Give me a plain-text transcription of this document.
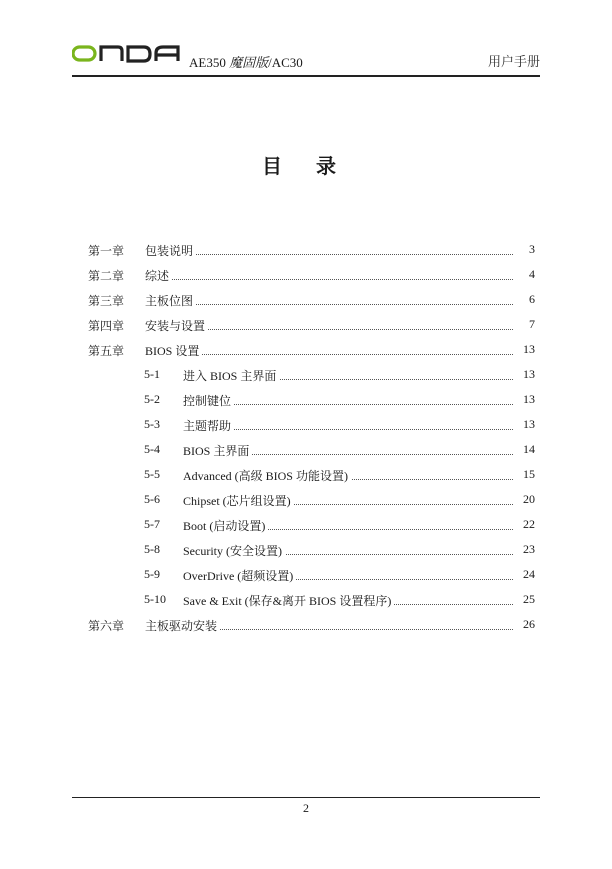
AE350 魔固版/AC30	用户手册
目录
第一章	包装说明	3
第二章	综述	4
第三章	主板位图	6
第四章	安装与设置	7
第五章	BIOS 设置	13
5-1	进入 BIOS 主界面	13
5-2	控制键位	13
5-3	主题帮助	13
5-4	BIOS 主界面	14
5-5	Advanced (高级 BIOS 功能设置)	15
5-6	Chipset (芯片组设置)	20
5-7	Boot (启动设置)	22
5-8	Security (安全设置)	23
5-9	OverDrive (超频设置)	24
5-10	Save & Exit (保存&离开 BIOS 设置程序)	25
第六章	主板驱动安装	26
2
